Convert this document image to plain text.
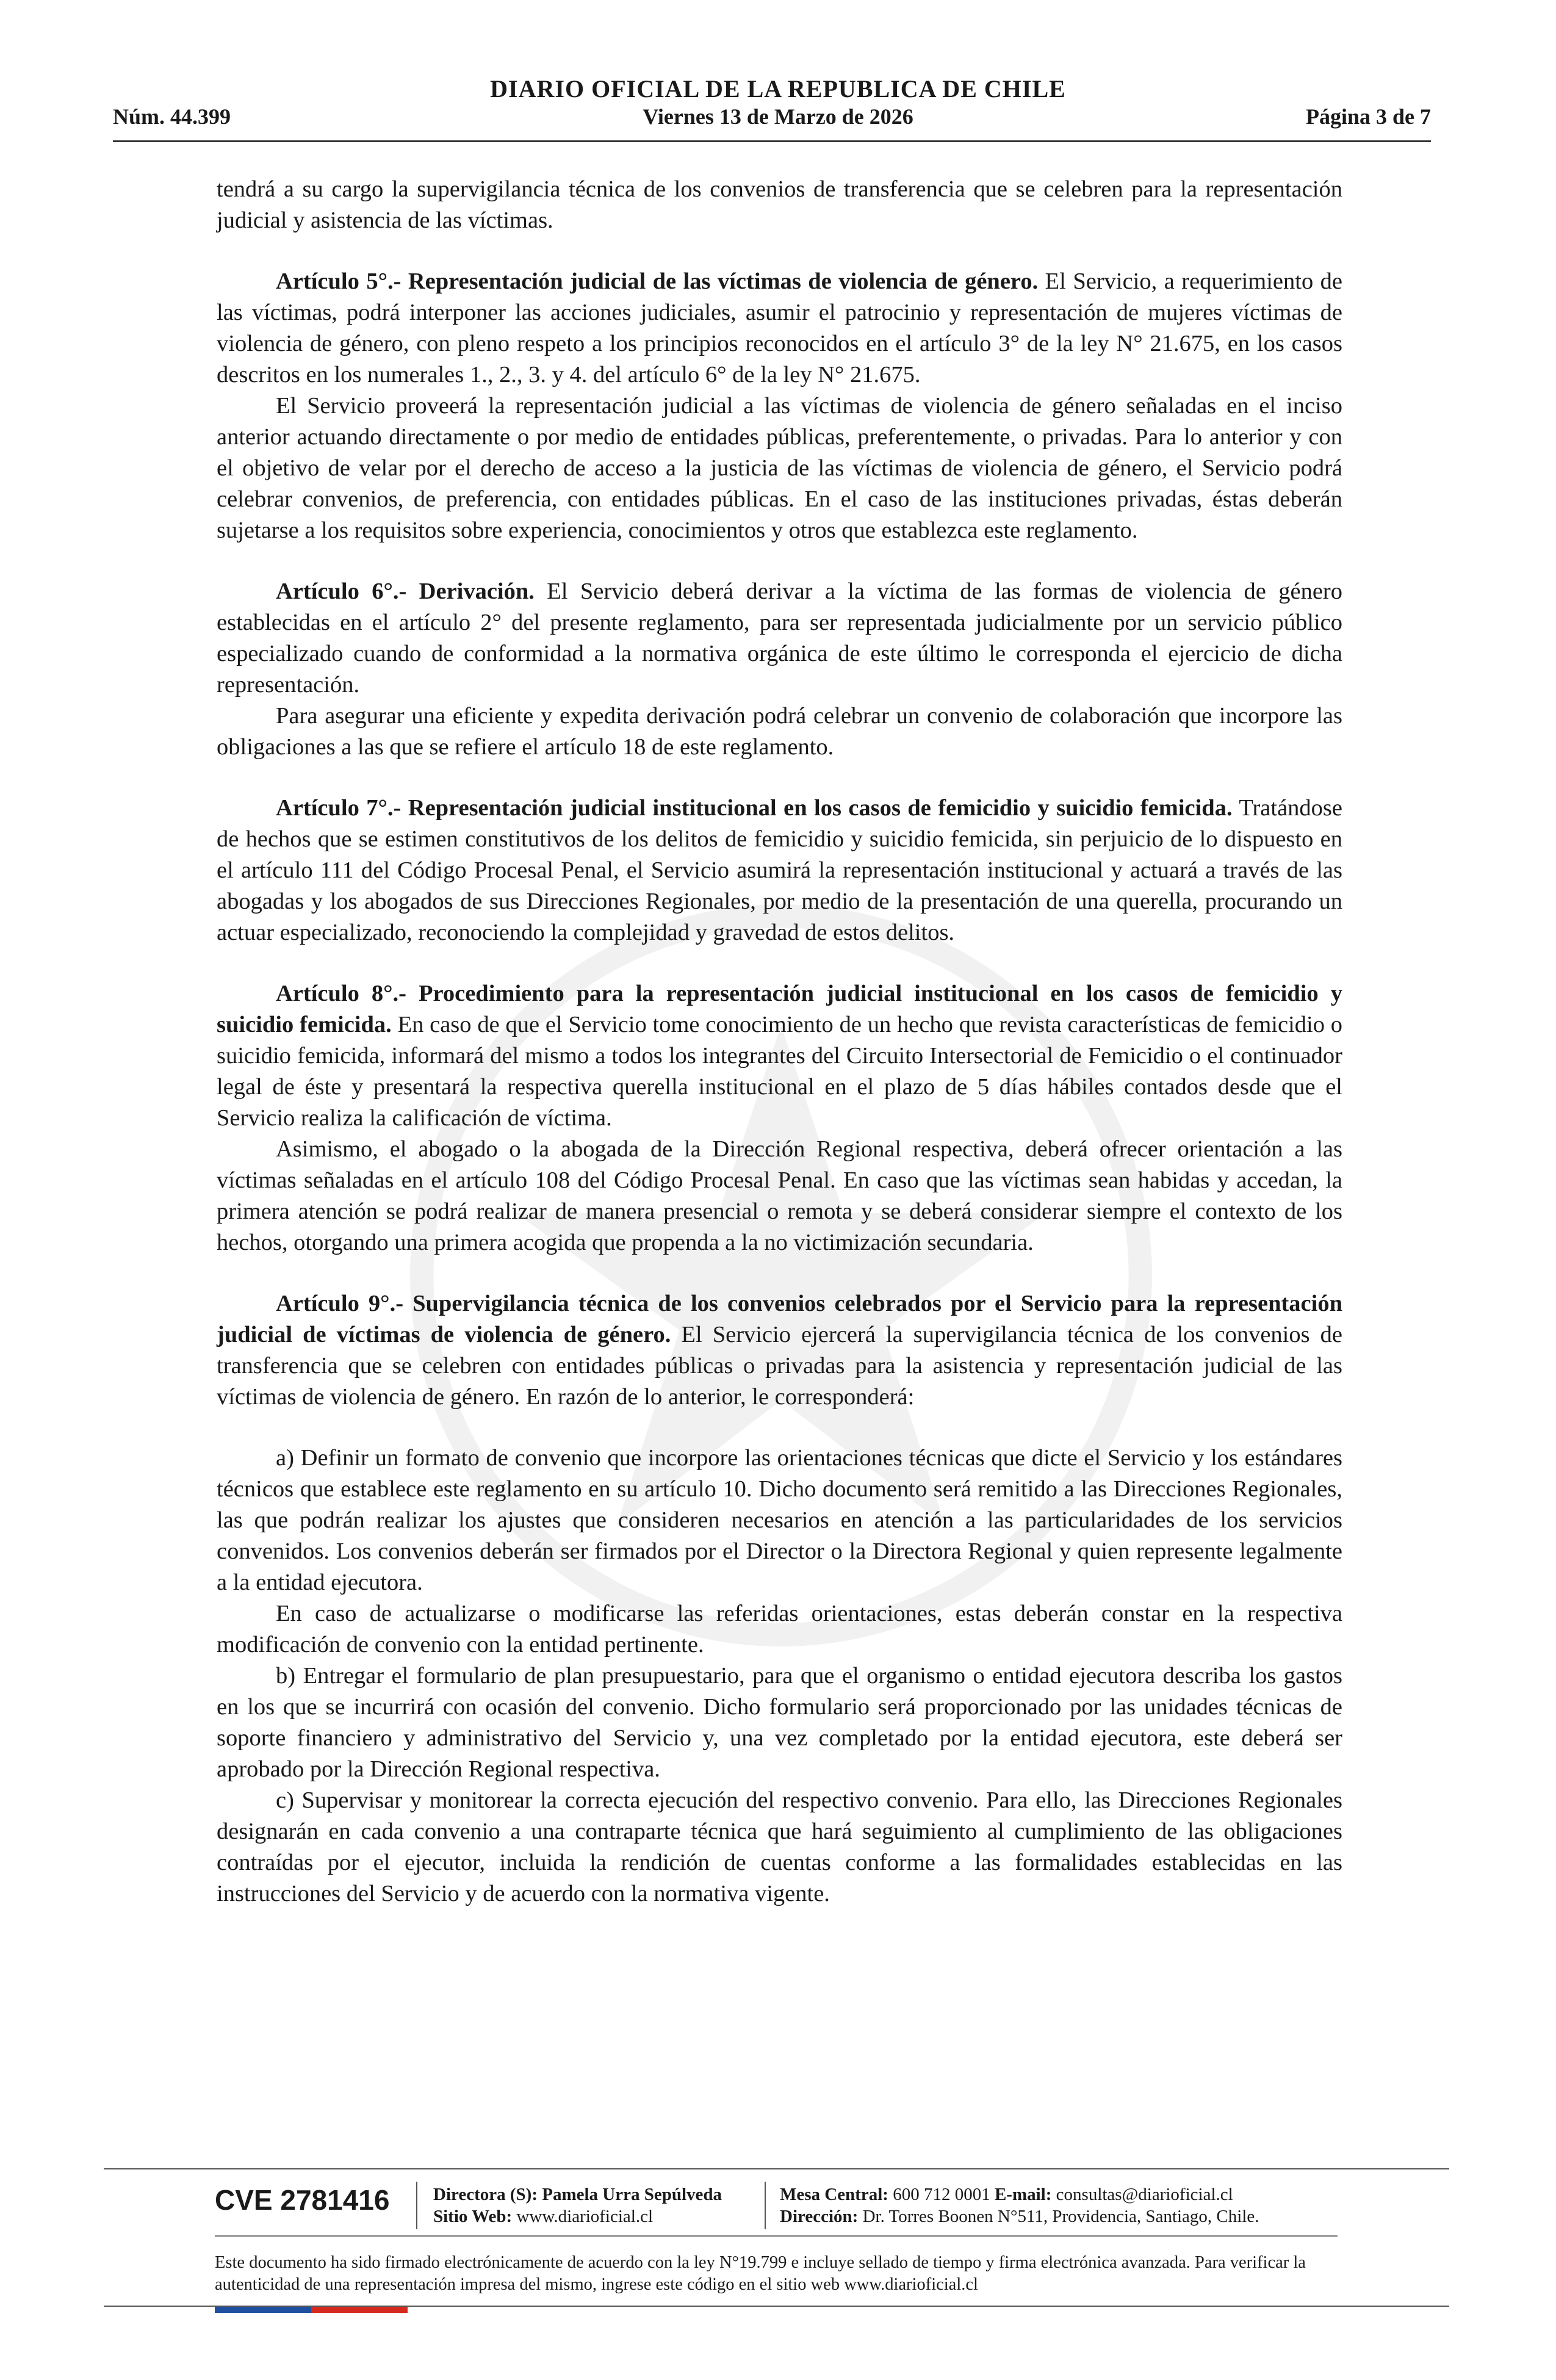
Núm. 44.399
DIARIO OFICIAL DE LA REPUBLICA DE CHILE
Viernes 13 de Marzo de 2026	Página 3 de 7

tendrá a su cargo la supervigilancia técnica de los convenios de transferencia que se celebren para la representación judicial y asistencia de las víctimas.

Artículo 5°.- Representación judicial de las víctimas de violencia de género. El Servicio, a requerimiento de las víctimas, podrá interponer las acciones judiciales, asumir el patrocinio y representación de mujeres víctimas de violencia de género, con pleno respeto a los principios reconocidos en el artículo 3° de la ley N° 21.675, en los casos descritos en los numerales 1., 2., 3. y 4. del artículo 6° de la ley N° 21.675.

El Servicio proveerá la representación judicial a las víctimas de violencia de género señaladas en el inciso anterior actuando directamente o por medio de entidades públicas, preferentemente, o privadas. Para lo anterior y con el objetivo de velar por el derecho de acceso a la justicia de las víctimas de violencia de género, el Servicio podrá celebrar convenios, de preferencia, con entidades públicas. En el caso de las instituciones privadas, éstas deberán sujetarse a los requisitos sobre experiencia, conocimientos y otros que establezca este reglamento.

Artículo 6°.- Derivación. El Servicio deberá derivar a la víctima de las formas de violencia de género establecidas en el artículo 2° del presente reglamento, para ser representada judicialmente por un servicio público especializado cuando de conformidad a la normativa orgánica de este último le corresponda el ejercicio de dicha representación.

Para asegurar una eficiente y expedita derivación podrá celebrar un convenio de colaboración que incorpore las obligaciones a las que se refiere el artículo 18 de este reglamento.

Artículo 7°.- Representación judicial institucional en los casos de femicidio y suicidio femicida. Tratándose de hechos que se estimen constitutivos de los delitos de femicidio y suicidio femicida, sin perjuicio de lo dispuesto en el artículo 111 del Código Procesal Penal, el Servicio asumirá la representación institucional y actuará a través de las abogadas y los abogados de sus Direcciones Regionales, por medio de la presentación de una querella, procurando un actuar especializado, reconociendo la complejidad y gravedad de estos delitos.

Artículo 8°.- Procedimiento para la representación judicial institucional en los casos de femicidio y suicidio femicida. En caso de que el Servicio tome conocimiento de un hecho que revista características de femicidio o suicidio femicida, informará del mismo a todos los integrantes del Circuito Intersectorial de Femicidio o el continuador legal de éste y presentará la respectiva querella institucional en el plazo de 5 días hábiles contados desde que el Servicio realiza la calificación de víctima.

Asimismo, el abogado o la abogada de la Dirección Regional respectiva, deberá ofrecer orientación a las víctimas señaladas en el artículo 108 del Código Procesal Penal. En caso que las víctimas sean habidas y accedan, la primera atención se podrá realizar de manera presencial o remota y se deberá considerar siempre el contexto de los hechos, otorgando una primera acogida que propenda a la no victimización secundaria.

Artículo 9°.- Supervigilancia técnica de los convenios celebrados por el Servicio para la representación judicial de víctimas de violencia de género. El Servicio ejercerá la supervigilancia técnica de los convenios de transferencia que se celebren con entidades públicas o privadas para la asistencia y representación judicial de las víctimas de violencia de género. En razón de lo anterior, le corresponderá:

a) Definir un formato de convenio que incorpore las orientaciones técnicas que dicte el Servicio y los estándares técnicos que establece este reglamento en su artículo 10. Dicho documento será remitido a las Direcciones Regionales, las que podrán realizar los ajustes que consideren necesarios en atención a las particularidades de los servicios convenidos. Los convenios deberán ser firmados por el Director o la Directora Regional y quien represente legalmente a la entidad ejecutora.

En caso de actualizarse o modificarse las referidas orientaciones, estas deberán constar en la respectiva modificación de convenio con la entidad pertinente.

b) Entregar el formulario de plan presupuestario, para que el organismo o entidad ejecutora describa los gastos en los que se incurrirá con ocasión del convenio. Dicho formulario será proporcionado por las unidades técnicas de soporte financiero y administrativo del Servicio y, una vez completado por la entidad ejecutora, este deberá ser aprobado por la Dirección Regional respectiva.

c) Supervisar y monitorear la correcta ejecución del respectivo convenio. Para ello, las Direcciones Regionales designarán en cada convenio a una contraparte técnica que hará seguimiento al cumplimiento de las obligaciones contraídas por el ejecutor, incluida la rendición de cuentas conforme a las formalidades establecidas en las instrucciones del Servicio y de acuerdo con la normativa vigente.

CVE 2781416 Directora (S): Pamela Urra Sepúlveda
Sitio Web: www.diarioficial.cl
Mesa Central: 600 712 0001 E-mail: consultas@diarioficial.cl
Dirección: Dr. Torres Boonen N°511, Providencia, Santiago, Chile.
Este documento ha sido firmado electrónicamente de acuerdo con la ley N°19.799 e incluye sellado de tiempo y firma electrónica avanzada. Para verificar la autenticidad de una representación impresa del mismo, ingrese este código en el sitio web www.diarioficial.cl
